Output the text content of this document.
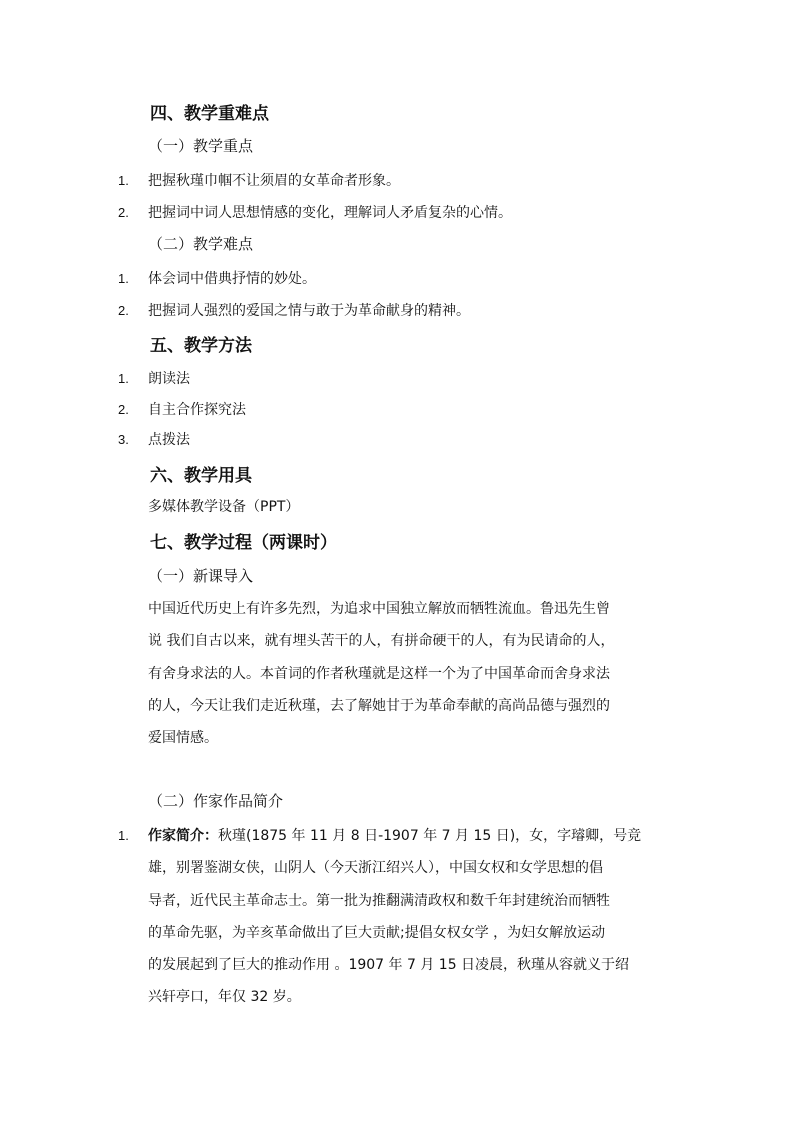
四、教学重难点
（一）教学重点
1. 把握秋瑾巾帼不让须眉的女革命者形象。
2. 把握词中词人思想情感的变化，理解词人矛盾复杂的心情。
（二）教学难点
1. 体会词中借典抒情的妙处。
2. 把握词人强烈的爱国之情与敢于为革命献身的精神。
五、教学方法
1. 朗读法
2. 自主合作探究法
3. 点拨法
六、教学用具
多媒体教学设备（PPT）
七、教学过程（两课时）
（一）新课导入
中国近代历史上有许多先烈，为追求中国独立解放而牺牲流血。鲁迅先生曾
说 我们自古以来，就有埋头苦干的人，有拼命硬干的人，有为民请命的人，
有舍身求法的人。本首词的作者秋瑾就是这样一个为了中国革命而舍身求法
的人，今天让我们走近秋瑾，去了解她甘于为革命奉献的高尚品德与强烈的
爱国情感。
（二）作家作品简介
1. 作家简介：秋瑾(1875 年 11 月 8 日-1907 年 7 月 15 日)，女，字璿卿，号竞
雄，别署鉴湖女侠，山阴人（今天浙江绍兴人），中国女权和女学思想的倡
导者，近代民主革命志士。第一批为推翻满清政权和数千年封建统治而牺牲
的革命先驱，为辛亥革命做出了巨大贡献;提倡女权女学 ，为妇女解放运动
的发展起到了巨大的推动作用 。1907 年 7 月 15 日凌晨，秋瑾从容就义于绍
兴轩亭口，年仅 32 岁。
